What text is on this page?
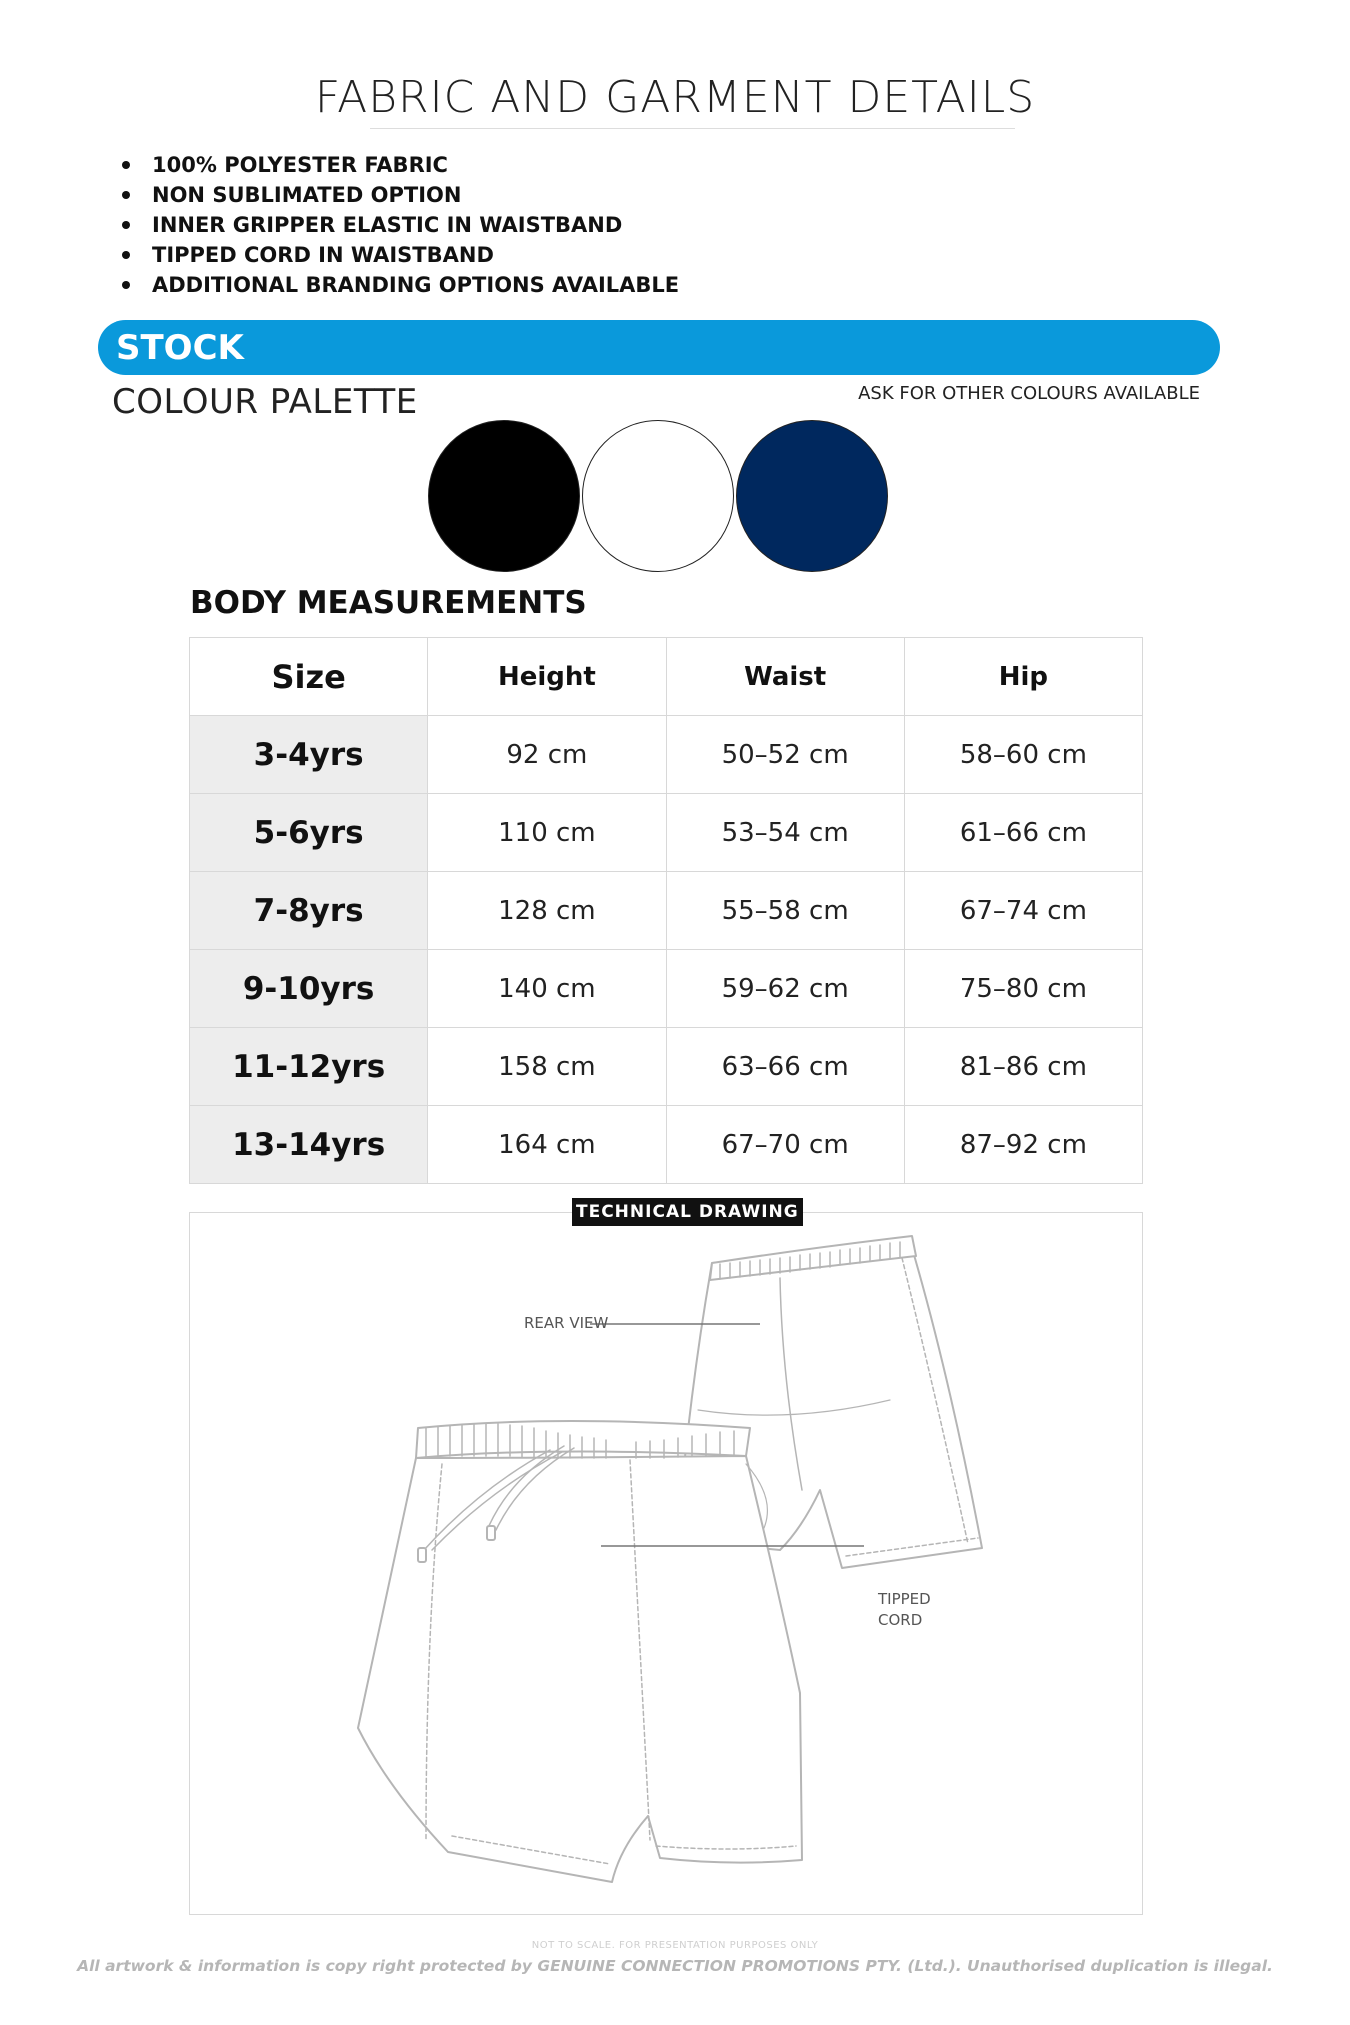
FABRIC AND GARMENT DETAILS
100% POLYESTER FABRIC
NON SUBLIMATED OPTION
INNER GRIPPER ELASTIC IN WAISTBAND
TIPPED CORD IN WAISTBAND
ADDITIONAL BRANDING OPTIONS AVAILABLE
STOCK
COLOUR PALETTE	ASK FOR OTHER COLOURS AVAILABLE
BODY MEASUREMENTS
Size	Height	Waist	Hip
3-4yrs	92 cm	50–52 cm	58–60 cm
5-6yrs	110 cm	53–54 cm	61–66 cm
7-8yrs	128 cm	55–58 cm	67–74 cm
9-10yrs	140 cm	59–62 cm	75–80 cm
11-12yrs	158 cm	63–66 cm	81–86 cm
13-14yrs	164 cm	67–70 cm	87–92 cm
TECHNICAL DRAWING
REAR VIEW
TIPPED
CORD
NOT TO SCALE. FOR PRESENTATION PURPOSES ONLY
All artwork & information is copy right protected by GENUINE CONNECTION PROMOTIONS PTY. (Ltd.). Unauthorised duplication is illegal.
